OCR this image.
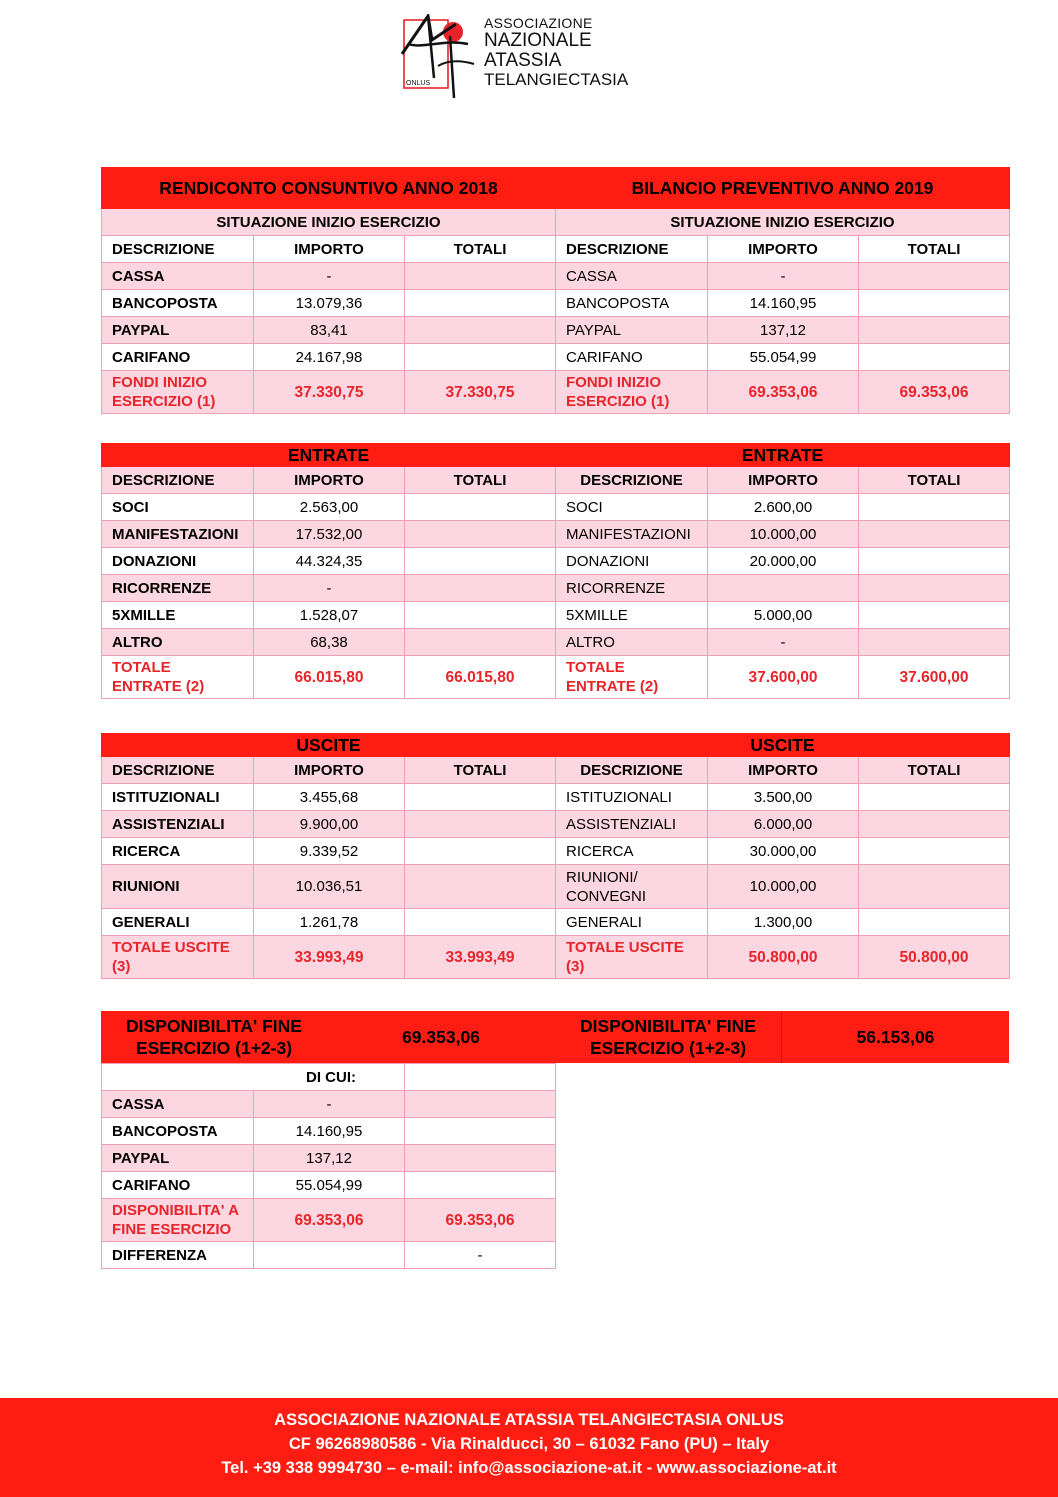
ONLUS
ASSOCIAZIONE
NAZIONALE
ATASSIA
TELANGIECTASIA
RENDICONTO CONSUNTIVO ANNO 2018			BILANCIO PREVENTIVO ANNO 2019		
SITUAZIONE INIZIO ESERCIZIO			SITUAZIONE INIZIO ESERCIZIO		
DESCRIZIONE	IMPORTO	TOTALI	DESCRIZIONE	IMPORTO	TOTALI
CASSA	-		CASSA	-	
BANCOPOSTA	13.079,36		BANCOPOSTA	14.160,95	
PAYPAL	83,41		PAYPAL	137,12	
CARIFANO	24.167,98		CARIFANO	55.054,99	
FONDI INIZIO ESERCIZIO (1)	37.330,75	37.330,75	FONDI INIZIO ESERCIZIO (1)	69.353,06	69.353,06
ENTRATE			ENTRATE		
DESCRIZIONE	IMPORTO	TOTALI	DESCRIZIONE	IMPORTO	TOTALI
SOCI	2.563,00		SOCI	2.600,00	
MANIFESTAZIONI	17.532,00		MANIFESTAZIONI	10.000,00	
DONAZIONI	44.324,35		DONAZIONI	20.000,00	
RICORRENZE	-		RICORRENZE		
5XMILLE	1.528,07		5XMILLE	5.000,00	
ALTRO	68,38		ALTRO	-	
TOTALE ENTRATE (2)	66.015,80	66.015,80	TOTALE ENTRATE (2)	37.600,00	37.600,00
USCITE			USCITE		
DESCRIZIONE	IMPORTO	TOTALI	DESCRIZIONE	IMPORTO	TOTALI
ISTITUZIONALI	3.455,68		ISTITUZIONALI	3.500,00	
ASSISTENZIALI	9.900,00		ASSISTENZIALI	6.000,00	
RICERCA	9.339,52		RICERCA	30.000,00	
RIUNIONI	10.036,51		RIUNIONI/ CONVEGNI	10.000,00	
GENERALI	1.261,78		GENERALI	1.300,00	
TOTALE USCITE (3)	33.993,49	33.993,49	TOTALE USCITE (3)	50.800,00	50.800,00
DISPONIBILITA' FINE ESERCIZIO (1+2-3)
69.353,06
DISPONIBILITA' FINE ESERCIZIO (1+2-3)
56.153,06
DI CUI:		
CASSA	-	
BANCOPOSTA	14.160,95	
PAYPAL	137,12	
CARIFANO	55.054,99	
DISPONIBILITA' A FINE ESERCIZIO	69.353,06	69.353,06
DIFFERENZA		-
ASSOCIAZIONE NAZIONALE ATASSIA TELANGIECTASIA ONLUS
CF 96268980586 - Via Rinalducci, 30 – 61032 Fano (PU) – Italy
Tel. +39 338 9994730 – e-mail: info@associazione-at.it - www.associazione-at.it
